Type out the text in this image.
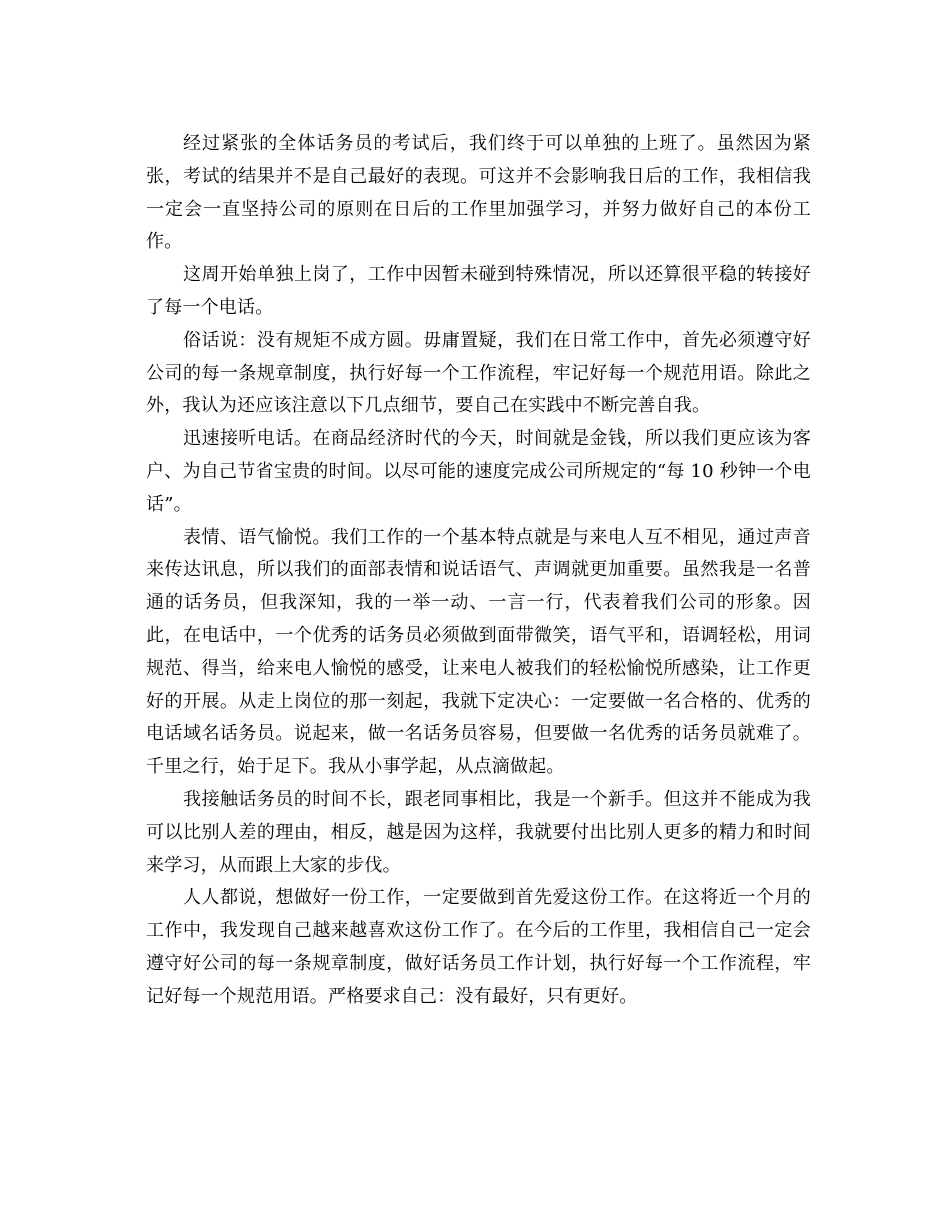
经过紧张的全体话务员的考试后，我们终于可以单独的上班了。虽然因为紧张，考试的结果并不是自己最好的表现。可这并不会影响我日后的工作，我相信我一定会一直坚持公司的原则在日后的工作里加强学习，并努力做好自己的本份工作。

这周开始单独上岗了，工作中因暂未碰到特殊情况，所以还算很平稳的转接好了每一个电话。

俗话说：没有规矩不成方圆。毋庸置疑，我们在日常工作中，首先必须遵守好公司的每一条规章制度，执行好每一个工作流程，牢记好每一个规范用语。除此之外，我认为还应该注意以下几点细节，要自己在实践中不断完善自我。

迅速接听电话。在商品经济时代的今天，时间就是金钱，所以我们更应该为客户、为自己节省宝贵的时间。以尽可能的速度完成公司所规定的“每 10 秒钟一个电话”。

表情、语气愉悦。我们工作的一个基本特点就是与来电人互不相见，通过声音来传达讯息，所以我们的面部表情和说话语气、声调就更加重要。虽然我是一名普通的话务员，但我深知，我的一举一动、一言一行，代表着我们公司的形象。因此，在电话中，一个优秀的话务员必须做到面带微笑，语气平和，语调轻松，用词规范、得当，给来电人愉悦的感受，让来电人被我们的轻松愉悦所感染，让工作更好的开展。从走上岗位的那一刻起，我就下定决心：一定要做一名合格的、优秀的电话域名话务员。说起来，做一名话务员容易，但要做一名优秀的话务员就难了。千里之行，始于足下。我从小事学起，从点滴做起。

我接触话务员的时间不长，跟老同事相比，我是一个新手。但这并不能成为我可以比别人差的理由，相反，越是因为这样，我就要付出比别人更多的精力和时间来学习，从而跟上大家的步伐。

人人都说，想做好一份工作，一定要做到首先爱这份工作。在这将近一个月的工作中，我发现自己越来越喜欢这份工作了。在今后的工作里，我相信自己一定会遵守好公司的每一条规章制度，做好话务员工作计划，执行好每一个工作流程，牢记好每一个规范用语。严格要求自己：没有最好，只有更好。
